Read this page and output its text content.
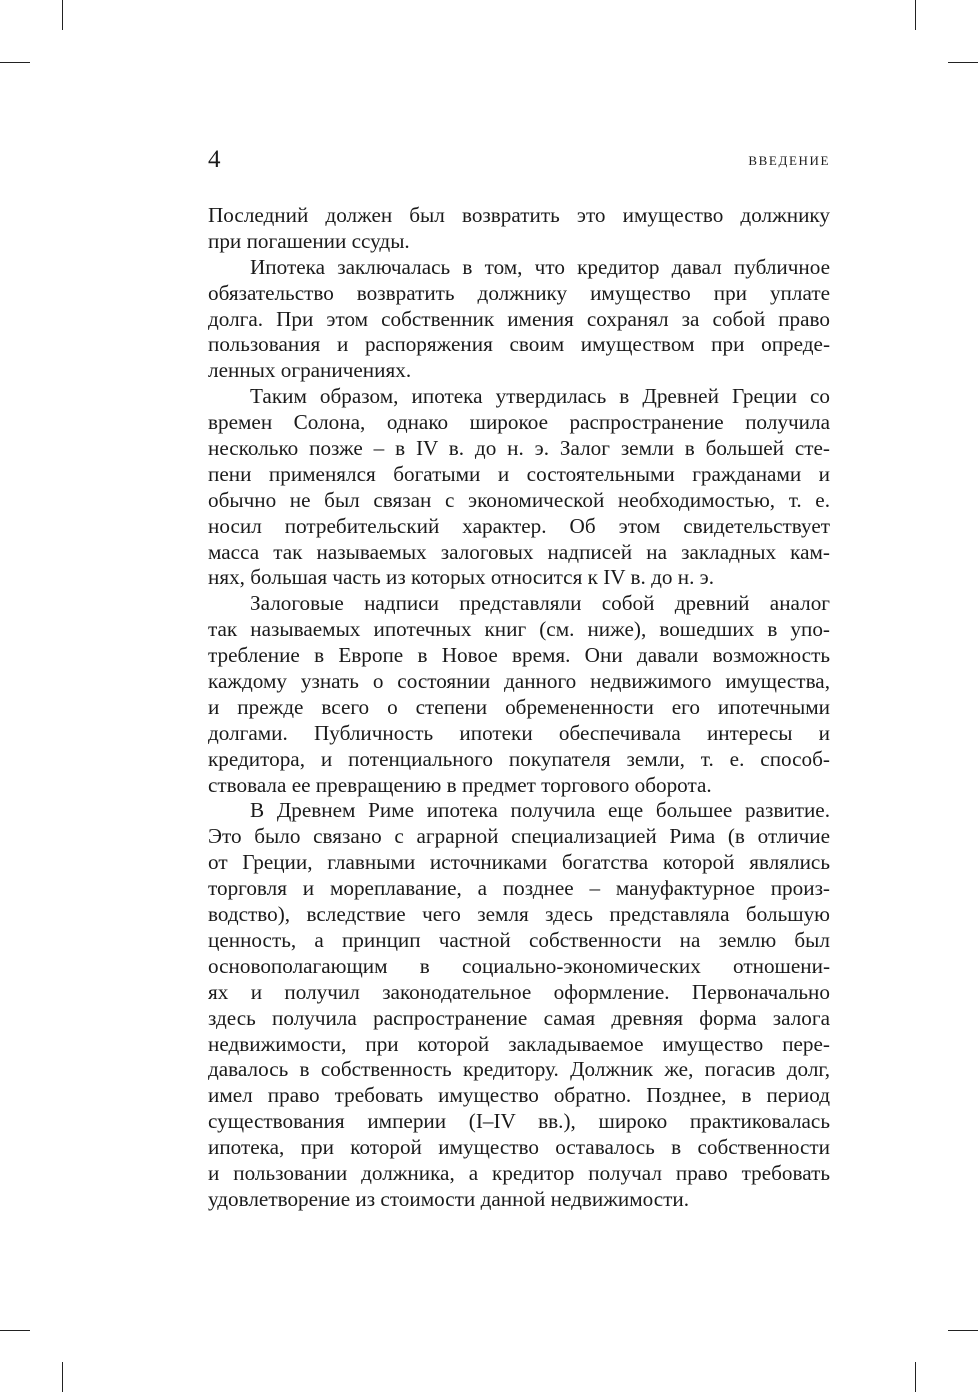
4	ВВЕДЕНИЕ
Последний должен был возвратить это имущество должнику
при погашении ссуды.
Ипотека заключалась в том, что кредитор давал публичное
обязательство возвратить должнику имущество при уплате
долга. При этом собственник имения сохранял за собой право
пользования и распоряжения своим имуществом при опреде-
ленных ограничениях.
Таким образом, ипотека утвердилась в Древней Греции со
времен Солона, однако широкое распространение получила
несколько позже – в IV в. до н. э. Залог земли в большей сте-
пени применялся богатыми и состоятельными гражданами и
обычно не был связан с экономической необходимостью, т. е.
носил потребительский характер. Об этом свидетельствует
масса так называемых залоговых надписей на закладных кам-
нях, большая часть из которых относится к IV в. до н. э.
Залоговые надписи представляли собой древний аналог
так называемых ипотечных книг (см. ниже), вошедших в упо-
требление в Европе в Новое время. Они давали возможность
каждому узнать о состоянии данного недвижимого имущества,
и прежде всего о степени обремененности его ипотечными
долгами. Публичность ипотеки обеспечивала интересы и
кредитора, и потенциального покупателя земли, т. е. способ-
ствовала ее превращению в предмет торгового оборота.
В Древнем Риме ипотека получила еще большее развитие.
Это было связано с аграрной специализацией Рима (в отличие
от Греции, главными источниками богатства которой являлись
торговля и мореплавание, а позднее – мануфактурное произ-
водство), вследствие чего земля здесь представляла большую
ценность, а принцип частной собственности на землю был
основополагающим в социально-экономических отношени-
ях и получил законодательное оформление. Первоначально
здесь получила распространение самая древняя форма залога
недвижимости, при которой закладываемое имущество пере-
давалось в собственность кредитору. Должник же, погасив долг,
имел право требовать имущество обратно. Позднее, в период
существования империи (I–IV вв.), широко практиковалась
ипотека, при которой имущество оставалось в собственности
и пользовании должника, а кредитор получал право требовать
удовлетворение из стоимости данной недвижимости.
